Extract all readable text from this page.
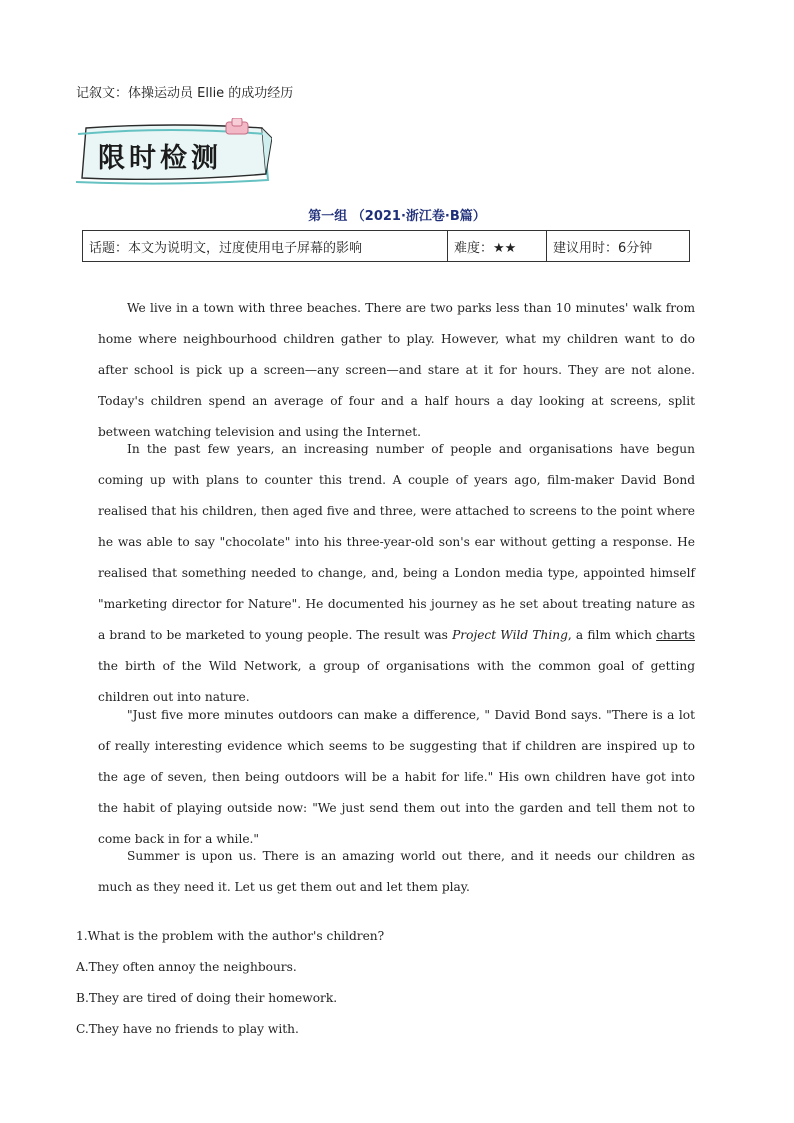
记叙文：体操运动员 Ellie 的成功经历
限时检测
第一组 （2021·浙江卷·B篇）
话题：本文为说明文，过度使用电子屏幕的影响	难度：★★	建议用时：6分钟

We live in a town with three beaches. There are two parks less than 10 minutes' walk from home where neighbourhood children gather to play. However, what my children want to do after school is pick up a screen—any screen—and stare at it for hours. They are not alone. Today's children spend an average of four and a half hours a day looking at screens, split between watching television and using the Internet.

In the past few years, an increasing number of people and organisations have begun coming up with plans to counter this trend. A couple of years ago, film-maker David Bond realised that his children, then aged five and three, were attached to screens to the point where he was able to say "chocolate" into his three-year-old son's ear without getting a response. He realised that something needed to change, and, being a London media type, appointed himself "marketing director for Nature". He documented his journey as he set about treating nature as a brand to be marketed to young people. The result was Project Wild Thing, a film which charts the birth of the Wild Network, a group of organisations with the common goal of getting children out into nature.

"Just five more minutes outdoors can make a difference, " David Bond says. "There is a lot of really interesting evidence which seems to be suggesting that if children are inspired up to the age of seven, then being outdoors will be a habit for life." His own children have got into the habit of playing outside now: "We just send them out into the garden and tell them not to come back in for a while."

Summer is upon us. There is an amazing world out there, and it needs our children as much as they need it. Let us get them out and let them play.

1.What is the problem with the author's children?

A.They often annoy the neighbours.

B.They are tired of doing their homework.

C.They have no friends to play with.
